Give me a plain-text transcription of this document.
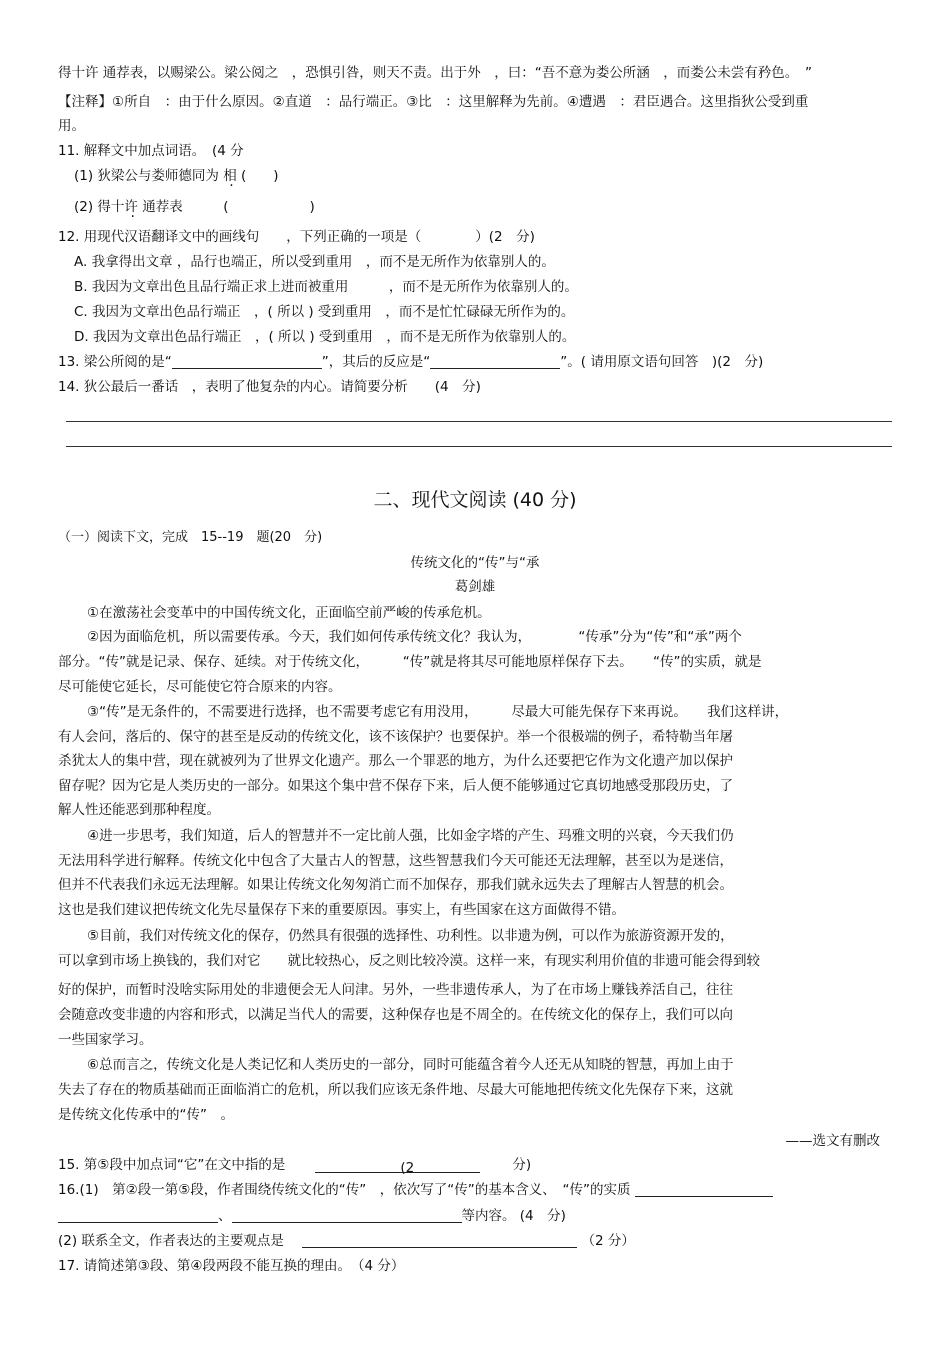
得十许 通荐表，以赐梁公。梁公阅之　，恐惧引咎，则天不责。出于外　，曰：“吾不意为娄公所涵　，而娄公未尝有矜色。　”
【注释】①所自　：由于什么原因。②直道　：品行端正。③比　：这里解释为先前。④遭遇　：君臣遇合。这里指狄公受到重
用。
11. 解释文中加点词语。　(4 分
(1) 狄梁公与娄师德同为 相 (　　)
(2) 得十许 通荐表　　　(　　　　　　)
12. 用现代汉语翻译文中的画线句　　，下列正确的一项是（　　　　）(2　分)
A. 我拿得出文章 ，品行也端正，所以受到重用　，而不是无所作为依靠别人的。
B. 我因为文章出色且品行端正求上进而被重用　　　，而不是无所作为依靠别人的。
C. 我因为文章出色品行端正　，( 所以 ) 受到重用　，而不是忙忙碌碌无所作为的。
D. 我因为文章出色品行端正　，( 所以 ) 受到重用　，而不是无所作为依靠别人的。
13. 梁公所阅的是“	”，其后的反应是“	”。( 请用原文语句回答　)(2　分)
14. 狄公最后一番话　，表明了他复杂的内心。请简要分析　　(4　分)
二、现代文阅读 (40 分)
（一）阅读下文，完成　15--19　题(20　分)
传统文化的“传”与“承
葛剑雄
①在激荡社会变革中的中国传统文化，正面临空前严峻的传承危机。
②因为面临危机，所以需要传承。今天，我们如何传承传统文化？我认为，　　　　“传承”分为“传”和“承”两个
部分。“传”就是记录、保存、延续。对于传统文化，　　　“传”就是将其尽可能地原样保存下去。　　“传”的实质，就是
尽可能使它延长，尽可能使它符合原来的内容。
③“传”是无条件的，不需要进行选择，也不需要考虑它有用没用，　　　尽最大可能先保存下来再说。　　我们这样讲，
有人会问，落后的、保守的甚至是反动的传统文化，该不该保护？也要保护。举一个很极端的例子，希特勒当年屠
杀犹太人的集中营，现在就被列为了世界文化遗产。那么一个罪恶的地方，为什么还要把它作为文化遗产加以保护
留存呢？因为它是人类历史的一部分。如果这个集中营不保存下来，后人便不能够通过它真切地感受那段历史，了
解人性还能恶到那种程度。
④进一步思考，我们知道，后人的智慧并不一定比前人强，比如金字塔的产生、玛雅文明的兴衰，今天我们仍
无法用科学进行解释。传统文化中包含了大量古人的智慧，这些智慧我们今天可能还无法理解，甚至以为是迷信，
但并不代表我们永远无法理解。如果让传统文化匆匆消亡而不加保存，那我们就永远失去了理解古人智慧的机会。
这也是我们建议把传统文化先尽量保存下来的重要原因。事实上，有些国家在这方面做得不错。
⑤目前，我们对传统文化的保存，仍然具有很强的选择性、功利性。以非遗为例，可以作为旅游资源开发的，
可以拿到市场上换钱的，我们对它　　就比较热心，反之则比较冷漠。这样一来，有现实利用价值的非遗可能会得到较
好的保护，而暂时没啥实际用处的非遗便会无人问津。另外，一些非遗传承人，为了在市场上赚钱养活自己，往往
会随意改变非遗的内容和形式，以满足当代人的需要，这种保存也是不周全的。在传统文化的保存上，我们可以向
一些国家学习。
⑥总而言之，传统文化是人类记忆和人类历史的一部分，同时可能蕴含着今人还无从知晓的智慧，再加上由于
失去了存在的物质基础而正面临消亡的危机，所以我们应该无条件地、尽最大可能地把传统文化先保存下来，这就
是传统文化传承中的“传”　。
——选文有删改
15. 第⑤段中加点词“它”在文中指的是	(2	分)
16.(1)　第②段一第⑤段，作者围绕传统文化的“传”　，依次写了“传”的基本含义、　“传”的实质
、	等内容。 (4　分)
(2) 联系全文，作者表达的主要观点是	（2 分）
17. 请简述第③段、第④段两段不能互换的理由。　（4 分）
